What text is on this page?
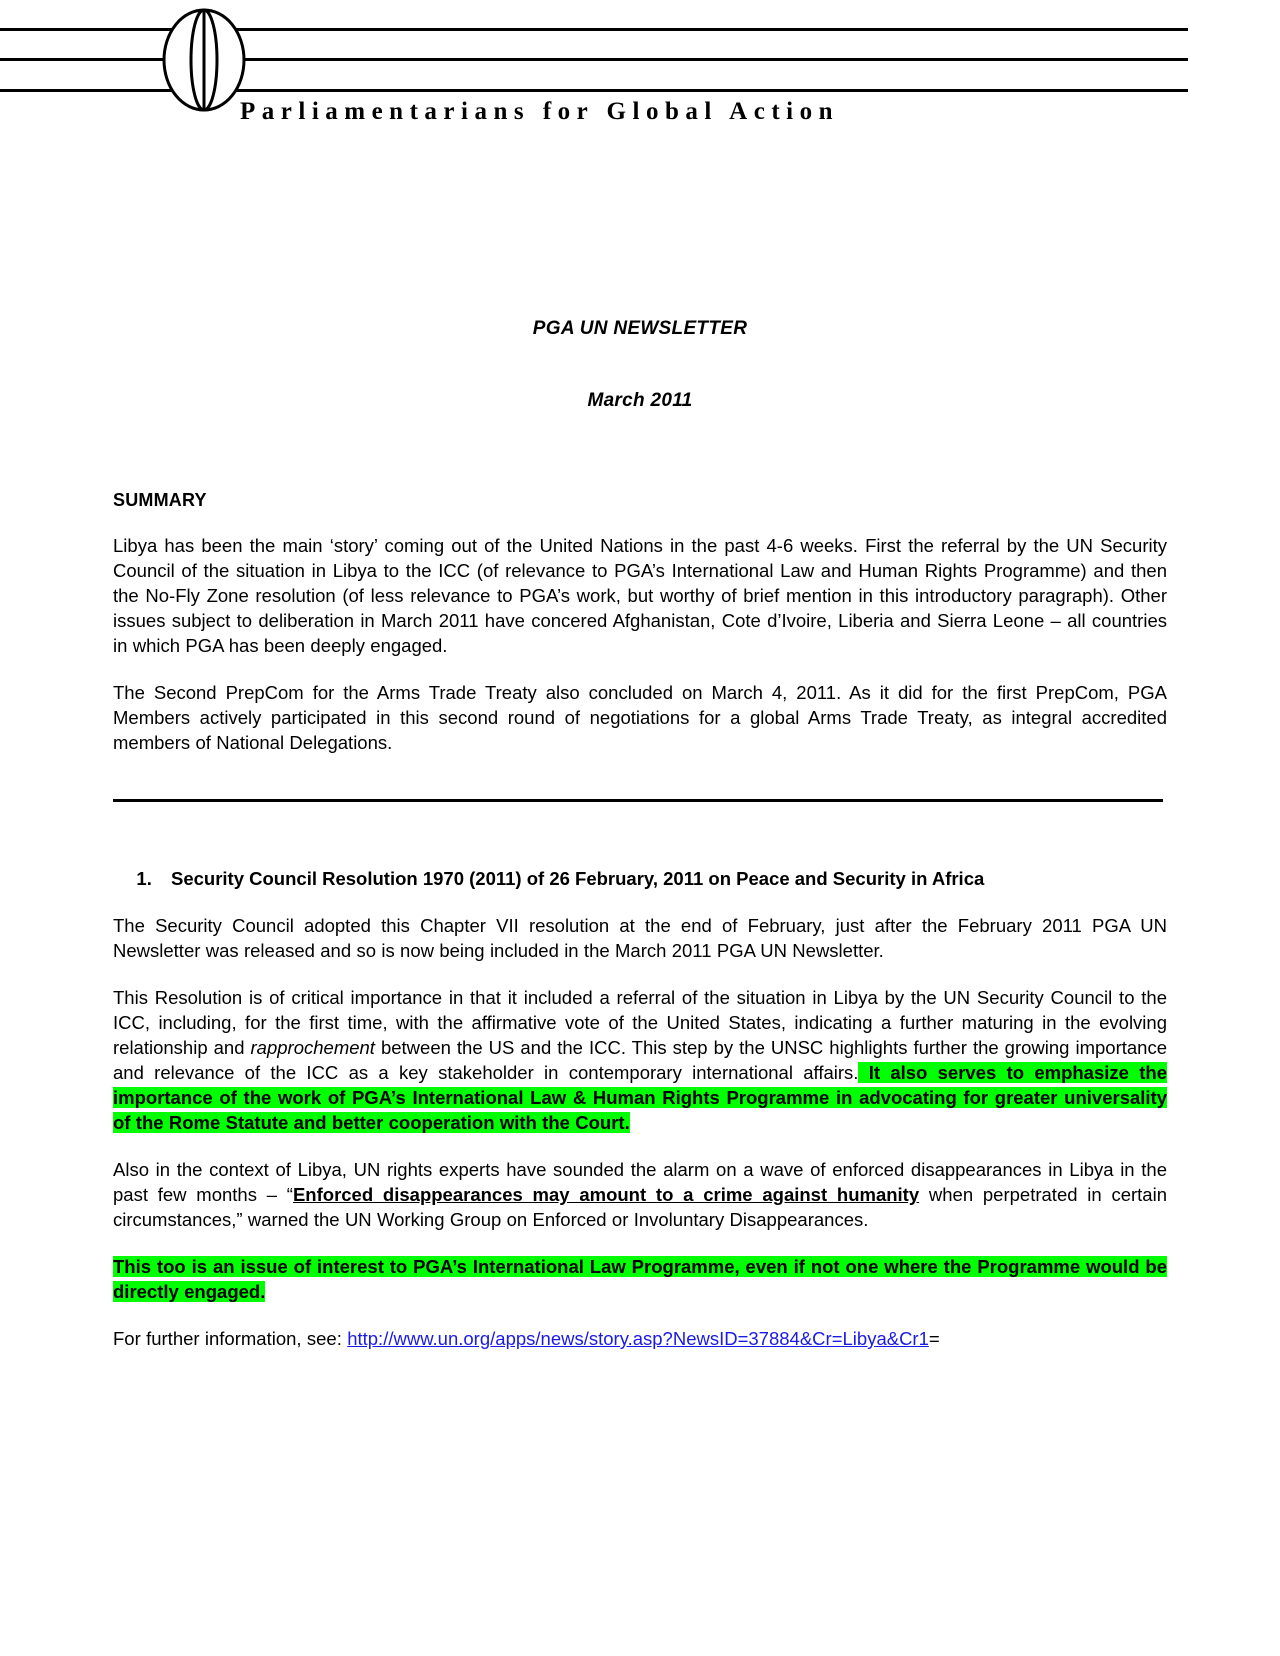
Parliamentarians for Global Action
PGA UN NEWSLETTER
March 2011
SUMMARY

Libya has been the main ‘story’ coming out of the United Nations in the past 4-6 weeks. First the referral by the UN Security Council of the situation in Libya to the ICC (of relevance to PGA’s International Law and Human Rights Programme) and then the No-Fly Zone resolution (of less relevance to PGA’s work, but worthy of brief mention in this introductory paragraph). Other issues subject to deliberation in March 2011 have concered Afghanistan, Cote d’Ivoire, Liberia and Sierra Leone – all countries in which PGA has been deeply engaged.

The Second PrepCom for the Arms Trade Treaty also concluded on March 4, 2011. As it did for the first PrepCom, PGA Members actively participated in this second round of negotiations for a global Arms Trade Treaty, as integral accredited members of National Delegations.

1. Security Council Resolution 1970 (2011) of 26 February, 2011 on Peace and Security in Africa

The Security Council adopted this Chapter VII resolution at the end of February, just after the February 2011 PGA UN Newsletter was released and so is now being included in the March 2011 PGA UN Newsletter.

This Resolution is of critical importance in that it included a referral of the situation in Libya by the UN Security Council to the ICC, including, for the first time, with the affirmative vote of the United States, indicating a further maturing in the evolving relationship and rapprochement between the US and the ICC. This step by the UNSC highlights further the growing importance and relevance of the ICC as a key stakeholder in contemporary international affairs. It also serves to emphasize the importance of the work of PGA’s International Law & Human Rights Programme in advocating for greater universality of the Rome Statute and better cooperation with the Court.

Also in the context of Libya, UN rights experts have sounded the alarm on a wave of enforced disappearances in Libya in the past few months – “Enforced disappearances may amount to a crime against humanity when perpetrated in certain circumstances,” warned the UN Working Group on Enforced or Involuntary Disappearances.

This too is an issue of interest to PGA’s International Law Programme, even if not one where the Programme would be directly engaged.

For further information, see: http://www.un.org/apps/news/story.asp?NewsID=37884&Cr=Libya&Cr1=
